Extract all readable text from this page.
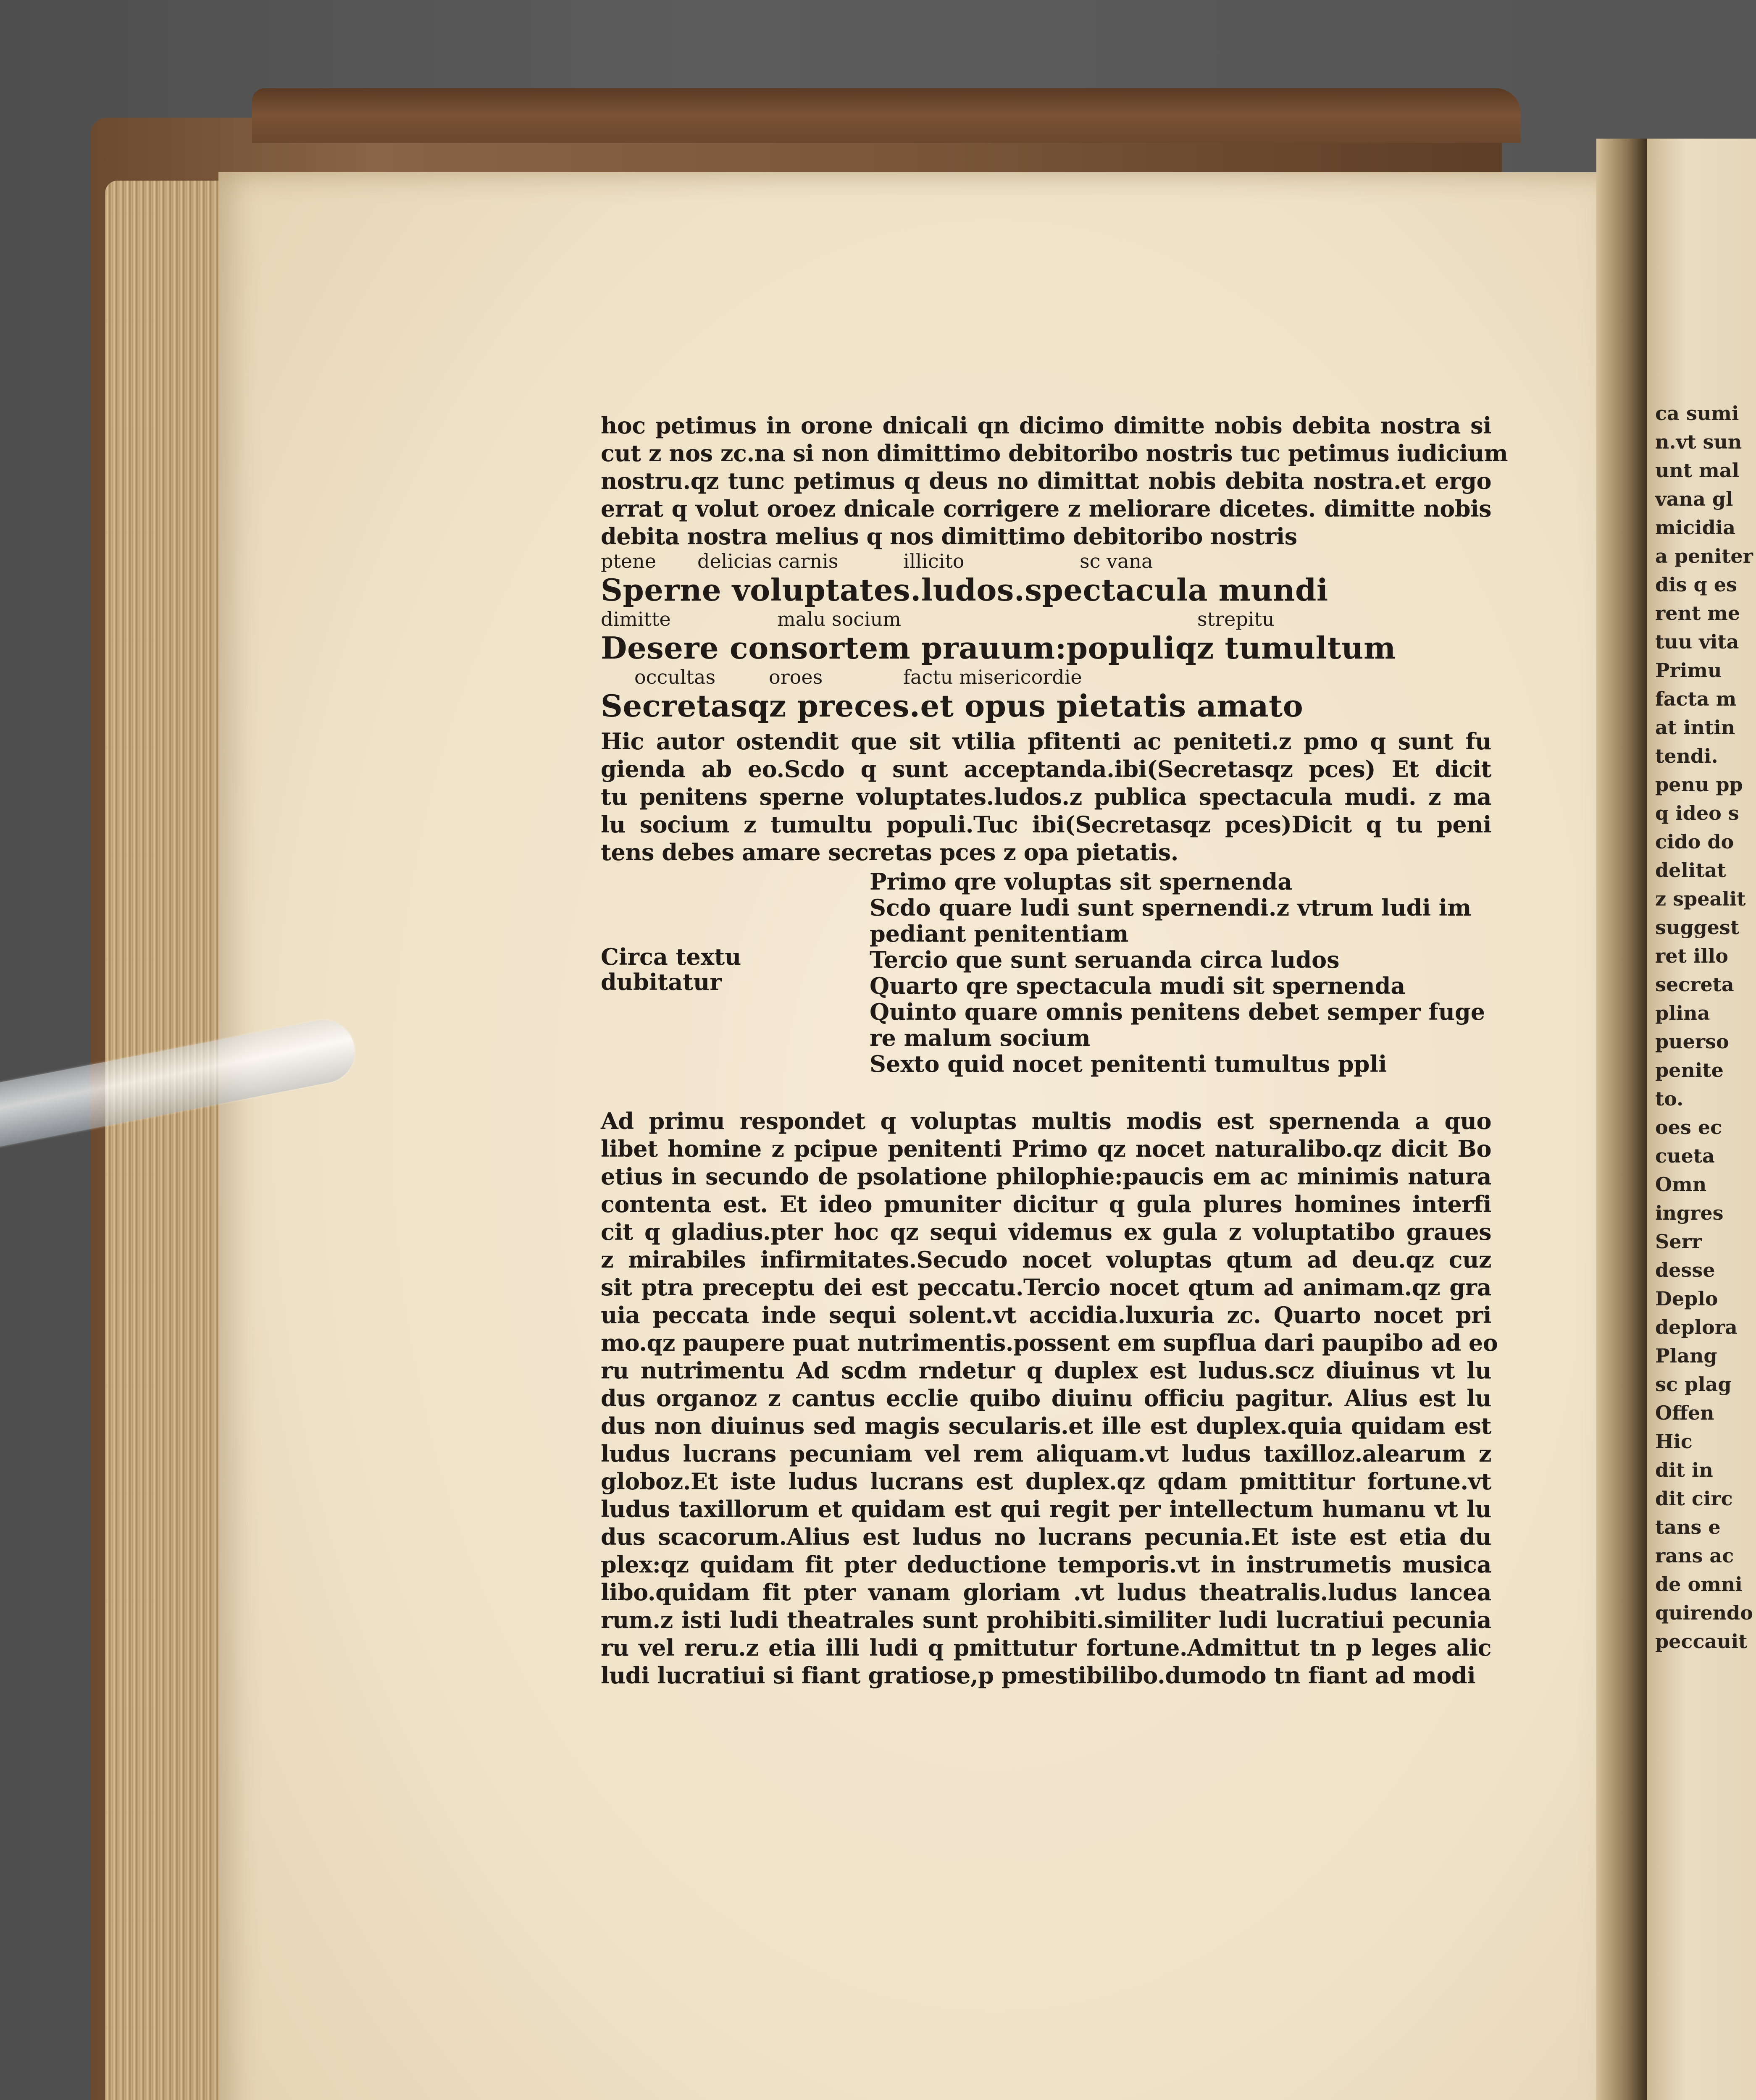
ca sumi
n.vt sun
unt mal
vana gl
micidia
a peniter
dis q es
rent me
tuu vita
Primu
facta m
at intin
tendi.
penu pp
q ideo s
cido do
delitat
z spealit
suggest
ret illo
secreta
plina
puerso
penite
to.
oes ec
cueta
Omn
ingres
Serr
desse
Deplo
deplora
Plang
sc plag
Offen
Hic
dit in
dit circ
tans e
rans ac
de omni
quirendo
peccauit
hoc petimus in orone dnicali qn dicimo dimitte nobis debita nostra si
cut z nos zc.na si non dimittimo debitoribo nostris tuc petimus iudicium
nostru.qz tunc petimus q deus no dimittat nobis debita nostra.et ergo
errat q volut oroez dnicale corrigere z meliorare dicetes. dimitte nobis
debita nostra melius q nos dimittimo debitoribo nostris
ptene delicias carnis	illicito	sc vana
Sperne voluptates.ludos.spectacula mundi
dimitte	malu socium	strepitu
Desere consortem prauum:populiqz tumultum
occultas	oroes	factu misericordie
Secretasqz preces.et opus pietatis amato
Hic autor ostendit que sit vtilia pfitenti ac peniteti.z pmo q sunt fu
gienda ab eo.Scdo q sunt acceptanda.ibi(Secretasqz pces) Et dicit
tu penitens sperne voluptates.ludos.z publica spectacula mudi. z ma
lu socium z tumultu populi.Tuc ibi(Secretasqz pces)Dicit q tu peni
tens debes amare secretas pces z opa pietatis.
Circa textu
dubitatur
Primo qre voluptas sit spernenda
Scdo quare ludi sunt spernendi.z vtrum ludi im
pediant penitentiam
Tercio que sunt seruanda circa ludos
Quarto qre spectacula mudi sit spernenda
Quinto quare omnis penitens debet semper fuge
re malum socium
Sexto quid nocet penitenti tumultus ppli
Ad primu respondet q voluptas multis modis est spernenda a quo
libet homine z pcipue penitenti Primo qz nocet naturalibo.qz dicit Bo
etius in secundo de psolatione philophie:paucis em ac minimis natura
contenta est. Et ideo pmuniter dicitur q gula plures homines interfi
cit q gladius.pter hoc qz sequi videmus ex gula z voluptatibo graues
z mirabiles infirmitates.Secudo nocet voluptas qtum ad deu.qz cuz
sit ptra preceptu dei est peccatu.Tercio nocet qtum ad animam.qz gra
uia peccata inde sequi solent.vt accidia.luxuria zc. Quarto nocet pri
mo.qz paupere puat nutrimentis.possent em supflua dari paupibo ad eo
ru nutrimentu Ad scdm rndetur q duplex est ludus.scz diuinus vt lu
dus organoz z cantus ecclie quibo diuinu officiu pagitur. Alius est lu
dus non diuinus sed magis secularis.et ille est duplex.quia quidam est
ludus lucrans pecuniam vel rem aliquam.vt ludus taxilloz.alearum z
globoz.Et iste ludus lucrans est duplex.qz qdam pmittitur fortune.vt
ludus taxillorum et quidam est qui regit per intellectum humanu vt lu
dus scacorum.Alius est ludus no lucrans pecunia.Et iste est etia du
plex:qz quidam fit pter deductione temporis.vt in instrumetis musica
libo.quidam fit pter vanam gloriam .vt ludus theatralis.ludus lancea
rum.z isti ludi theatrales sunt prohibiti.similiter ludi lucratiui pecunia
ru vel reru.z etia illi ludi q pmittutur fortune.Admittut tn p leges alic
ludi lucratiui si fiant gratiose,p pmestibilibo.dumodo tn fiant ad modi
